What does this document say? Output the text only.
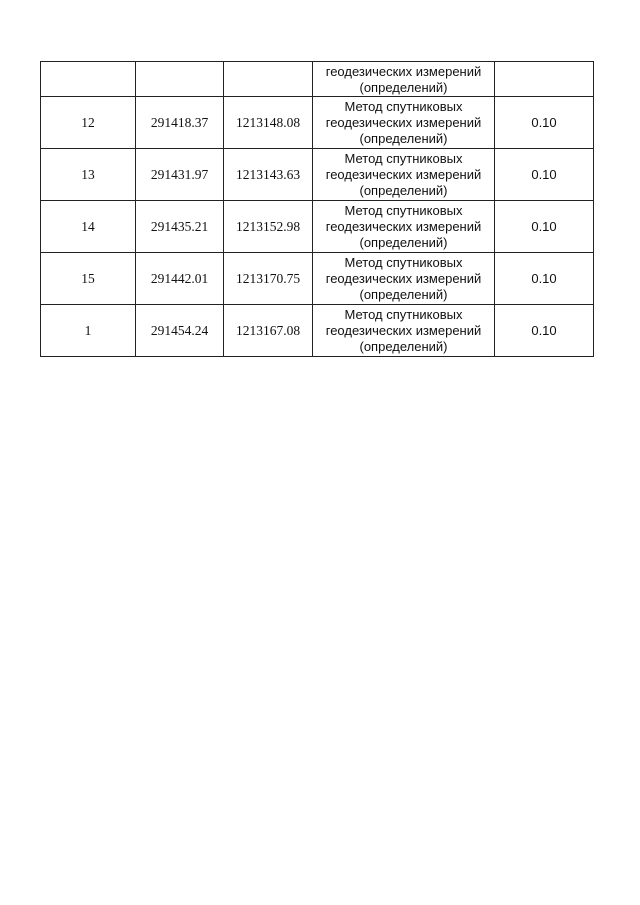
			геодезических измерений
(определений)	

12	291418.37	1213148.08	Метод спутниковых
геодезических измерений
(определений)	0.10
13	291431.97	1213143.63	Метод спутниковых
геодезических измерений
(определений)	0.10
14	291435.21	1213152.98	Метод спутниковых
геодезических измерений
(определений)	0.10
15	291442.01	1213170.75	Метод спутниковых
геодезических измерений
(определений)	0.10
1	291454.24	1213167.08	Метод спутниковых
геодезических измерений
(определений)	0.10
